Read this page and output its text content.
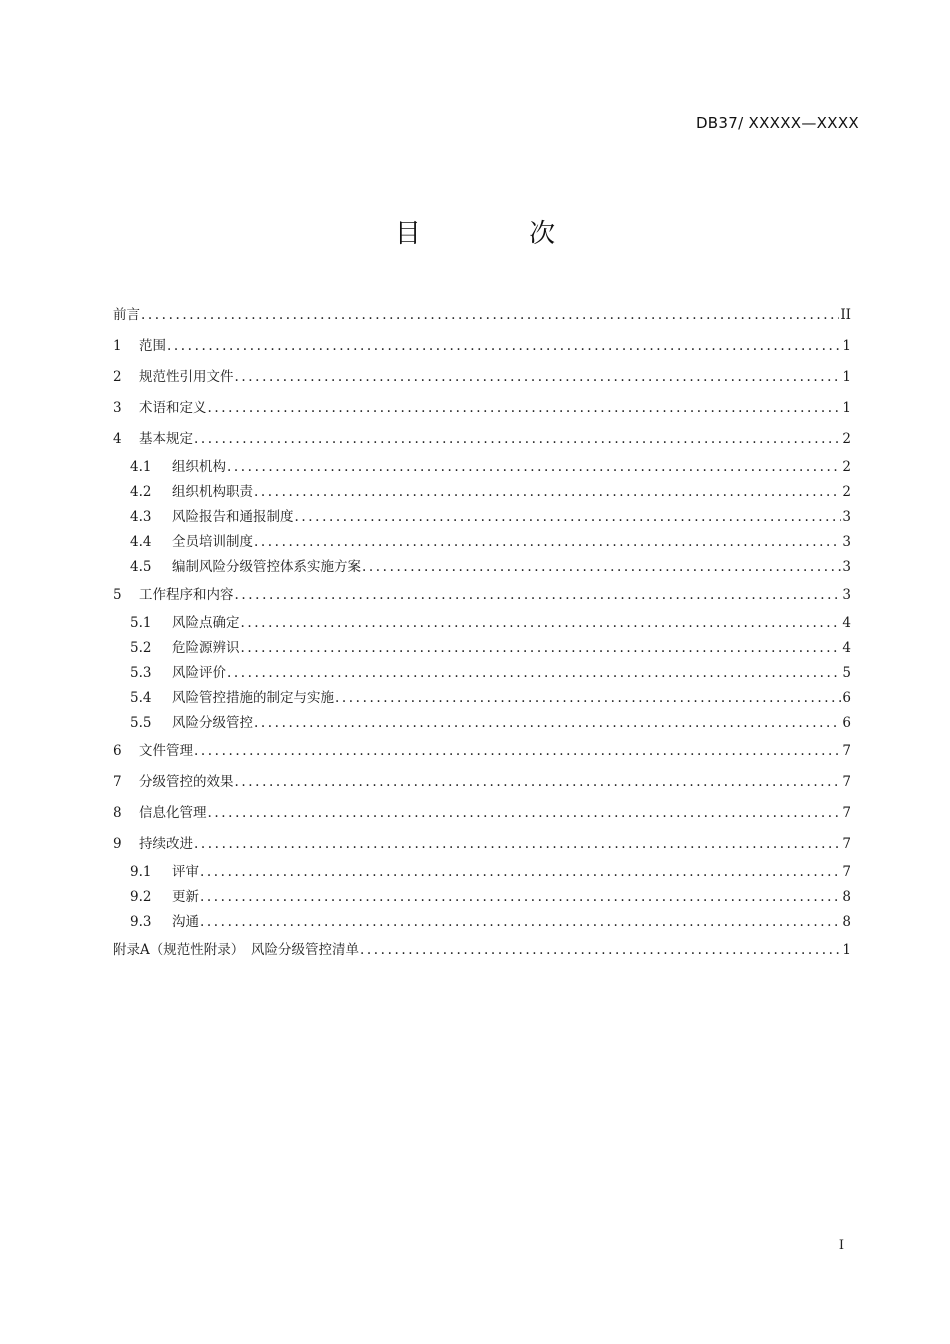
DB37/ XXXXX—XXXX
目 次
前言 .....	II
1	范围 .....	1
2	规范性引用文件 .....	1
3	术语和定义 .....	1
4	基本规定 .....	2
4.1	组织机构 .....	2
4.2	组织机构职责 .....	2
4.3	风险报告和通报制度 .....	3
4.4	全员培训制度 .....	3
4.5	编制风险分级管控体系实施方案 .....	3
5	工作程序和内容 .....	3
5.1	风险点确定 .....	4
5.2	危险源辨识 .....	4
5.3	风险评价 .....	5
5.4	风险管控措施的制定与实施 .....	6
5.5	风险分级管控 .....	6
6	文件管理 .....	7
7	分级管控的效果 .....	7
8	信息化管理 .....	7
9	持续改进 .....	7
9.1	评审 .....	7
9.2	更新 .....	8
9.3	沟通 .....	8
附录A（规范性附录）　风险分级管控清单 .....	1
I
